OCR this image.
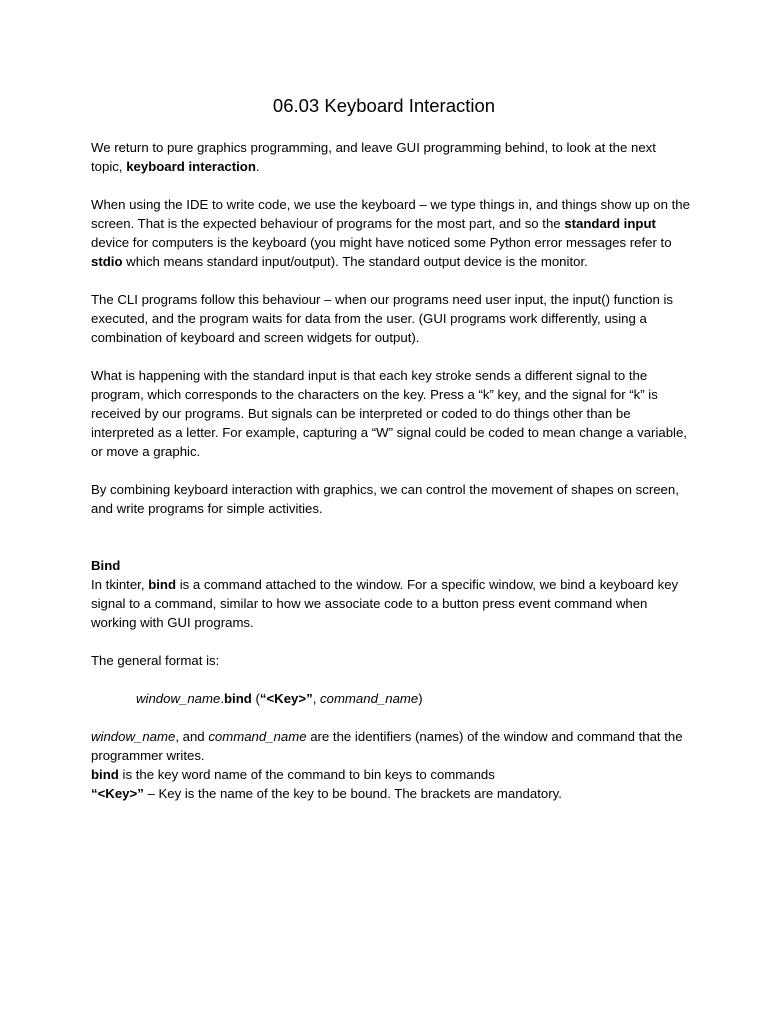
06.03 Keyboard Interaction

We return to pure graphics programming, and leave GUI programming behind, to look at the next topic, keyboard interaction.

When using the IDE to write code, we use the keyboard – we type things in, and things show up on the screen. That is the expected behaviour of programs for the most part, and so the standard input device for computers is the keyboard (you might have noticed some Python error messages refer to stdio which means standard input/output). The standard output device is the monitor.

The CLI programs follow this behaviour – when our programs need user input, the input() function is executed, and the program waits for data from the user. (GUI programs work differently, using a combination of keyboard and screen widgets for output).

What is happening with the standard input is that each key stroke sends a different signal to the program, which corresponds to the characters on the key. Press a “k” key, and the signal for “k” is received by our programs. But signals can be interpreted or coded to do things other than be interpreted as a letter. For example, capturing a “W” signal could be coded to mean change a variable, or move a graphic.

By combining keyboard interaction with graphics, we can control the movement of shapes on screen, and write programs for simple activities.

Bind

In tkinter, bind is a command attached to the window. For a specific window, we bind a keyboard key signal to a command, similar to how we associate code to a button press event command when working with GUI programs.

The general format is:

window_name.bind (“<Key>”, command_name)

window_name, and command_name are the identifiers (names) of the window and command that the programmer writes.

bind is the key word name of the command to bin keys to commands

“<Key>” – Key is the name of the key to be bound. The brackets are mandatory.
